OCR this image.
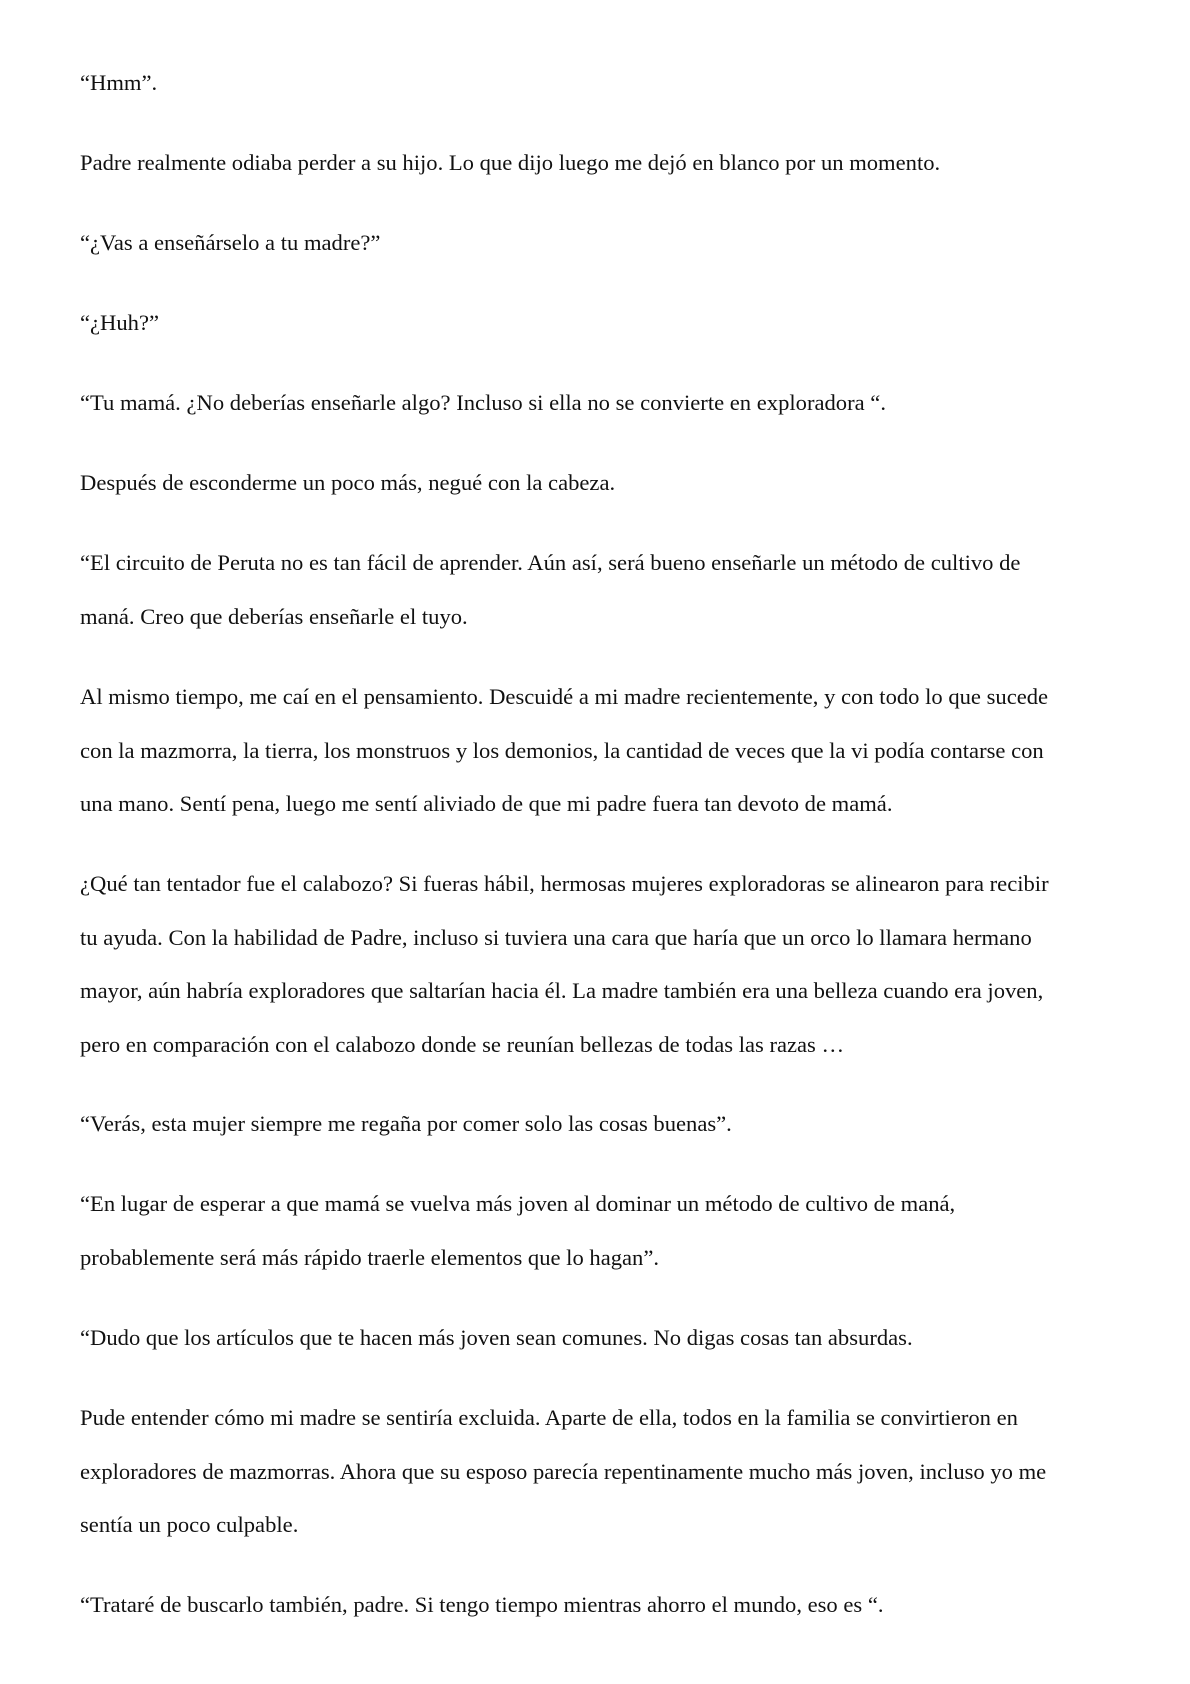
“Hmm”.

Padre realmente odiaba perder a su hijo. Lo que dijo luego me dejó en blanco por un momento.

“¿Vas a enseñárselo a tu madre?”

“¿Huh?”

“Tu mamá. ¿No deberías enseñarle algo? Incluso si ella no se convierte en exploradora “.

Después de esconderme un poco más, negué con la cabeza.

“El circuito de Peruta no es tan fácil de aprender. Aún así, será bueno enseñarle un método de cultivo de
maná. Creo que deberías enseñarle el tuyo.

Al mismo tiempo, me caí en el pensamiento. Descuidé a mi madre recientemente, y con todo lo que sucede
con la mazmorra, la tierra, los monstruos y los demonios, la cantidad de veces que la vi podía contarse con
una mano. Sentí pena, luego me sentí aliviado de que mi padre fuera tan devoto de mamá.

¿Qué tan tentador fue el calabozo? Si fueras hábil, hermosas mujeres exploradoras se alinearon para recibir
tu ayuda. Con la habilidad de Padre, incluso si tuviera una cara que haría que un orco lo llamara hermano
mayor, aún habría exploradores que saltarían hacia él. La madre también era una belleza cuando era joven,
pero en comparación con el calabozo donde se reunían bellezas de todas las razas …

“Verás, esta mujer siempre me regaña por comer solo las cosas buenas”.

“En lugar de esperar a que mamá se vuelva más joven al dominar un método de cultivo de maná,
probablemente será más rápido traerle elementos que lo hagan”.

“Dudo que los artículos que te hacen más joven sean comunes. No digas cosas tan absurdas.

Pude entender cómo mi madre se sentiría excluida. Aparte de ella, todos en la familia se convirtieron en
exploradores de mazmorras. Ahora que su esposo parecía repentinamente mucho más joven, incluso yo me
sentía un poco culpable.

“Trataré de buscarlo también, padre. Si tengo tiempo mientras ahorro el mundo, eso es “.
